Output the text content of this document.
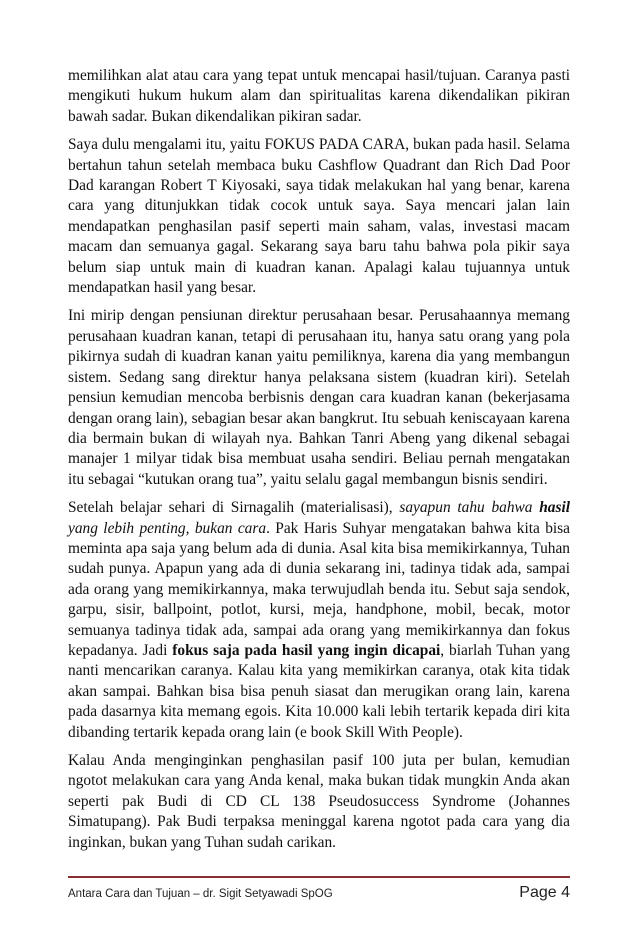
memilihkan alat atau cara yang tepat untuk mencapai hasil/tujuan. Caranya pasti mengikuti hukum hukum alam dan spiritualitas karena dikendalikan pikiran bawah sadar. Bukan dikendalikan pikiran sadar.

Saya dulu mengalami itu, yaitu FOKUS PADA CARA, bukan pada hasil. Selama bertahun tahun setelah membaca buku Cashflow Quadrant dan Rich Dad Poor Dad karangan Robert T Kiyosaki, saya tidak melakukan hal yang benar, karena cara yang ditunjukkan tidak cocok untuk saya. Saya mencari jalan lain mendapatkan penghasilan pasif seperti main saham, valas, investasi macam macam dan semuanya gagal. Sekarang saya baru tahu bahwa pola pikir saya belum siap untuk main di kuadran kanan. Apalagi kalau tujuannya untuk mendapatkan hasil yang besar.

Ini mirip dengan pensiunan direktur perusahaan besar. Perusahaannya memang perusahaan kuadran kanan, tetapi di perusahaan itu, hanya satu orang yang pola pikirnya sudah di kuadran kanan yaitu pemiliknya, karena dia yang membangun sistem. Sedang sang direktur hanya pelaksana sistem (kuadran kiri). Setelah pensiun kemudian mencoba berbisnis dengan cara kuadran kanan (bekerjasama dengan orang lain), sebagian besar akan bangkrut. Itu sebuah keniscayaan karena dia bermain bukan di wilayah nya. Bahkan Tanri Abeng yang dikenal sebagai manajer 1 milyar tidak bisa membuat usaha sendiri. Beliau pernah mengatakan itu sebagai “kutukan orang tua”, yaitu selalu gagal membangun bisnis sendiri.

Setelah belajar sehari di Sirnagalih (materialisasi), sayapun tahu bahwa hasil yang lebih penting, bukan cara. Pak Haris Suhyar mengatakan bahwa kita bisa meminta apa saja yang belum ada di dunia. Asal kita bisa memikirkannya, Tuhan sudah punya. Apapun yang ada di dunia sekarang ini, tadinya tidak ada, sampai ada orang yang memikirkannya, maka terwujudlah benda itu. Sebut saja sendok, garpu, sisir, ballpoint, potlot, kursi, meja, handphone, mobil, becak, motor semuanya tadinya tidak ada, sampai ada orang yang memikirkannya dan fokus kepadanya. Jadi fokus saja pada hasil yang ingin dicapai, biarlah Tuhan yang nanti mencarikan caranya. Kalau kita yang memikirkan caranya, otak kita tidak akan sampai. Bahkan bisa bisa penuh siasat dan merugikan orang lain, karena pada dasarnya kita memang egois. Kita 10.000 kali lebih tertarik kepada diri kita dibanding tertarik kepada orang lain (e book Skill With People).

Kalau Anda menginginkan penghasilan pasif 100 juta per bulan, kemudian ngotot melakukan cara yang Anda kenal, maka bukan tidak mungkin Anda akan seperti pak Budi di CD CL 138 Pseudosuccess Syndrome (Johannes Simatupang). Pak Budi terpaksa meninggal karena ngotot pada cara yang dia inginkan, bukan yang Tuhan sudah carikan.

Antara Cara dan Tujuan – dr. Sigit Setyawadi SpOG	Page 4
